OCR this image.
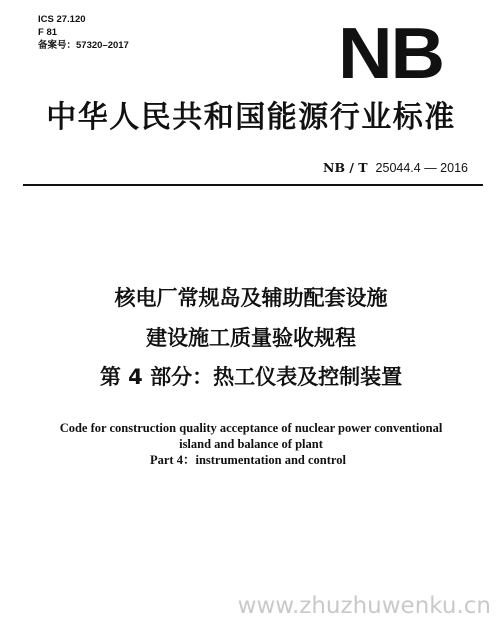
ICS 27.120
F 81
备案号：57320–2017	NB
中华人民共和国能源行业标准
NB / T 25044.4 — 2016
核电厂常规岛及辅助配套设施
建设施工质量验收规程
第 4 部分：热工仪表及控制装置
Code for construction quality acceptance of nuclear power conventional
island and balance of plant
Part 4：instrumentation and control
www.zhuzhuwenku.cn
